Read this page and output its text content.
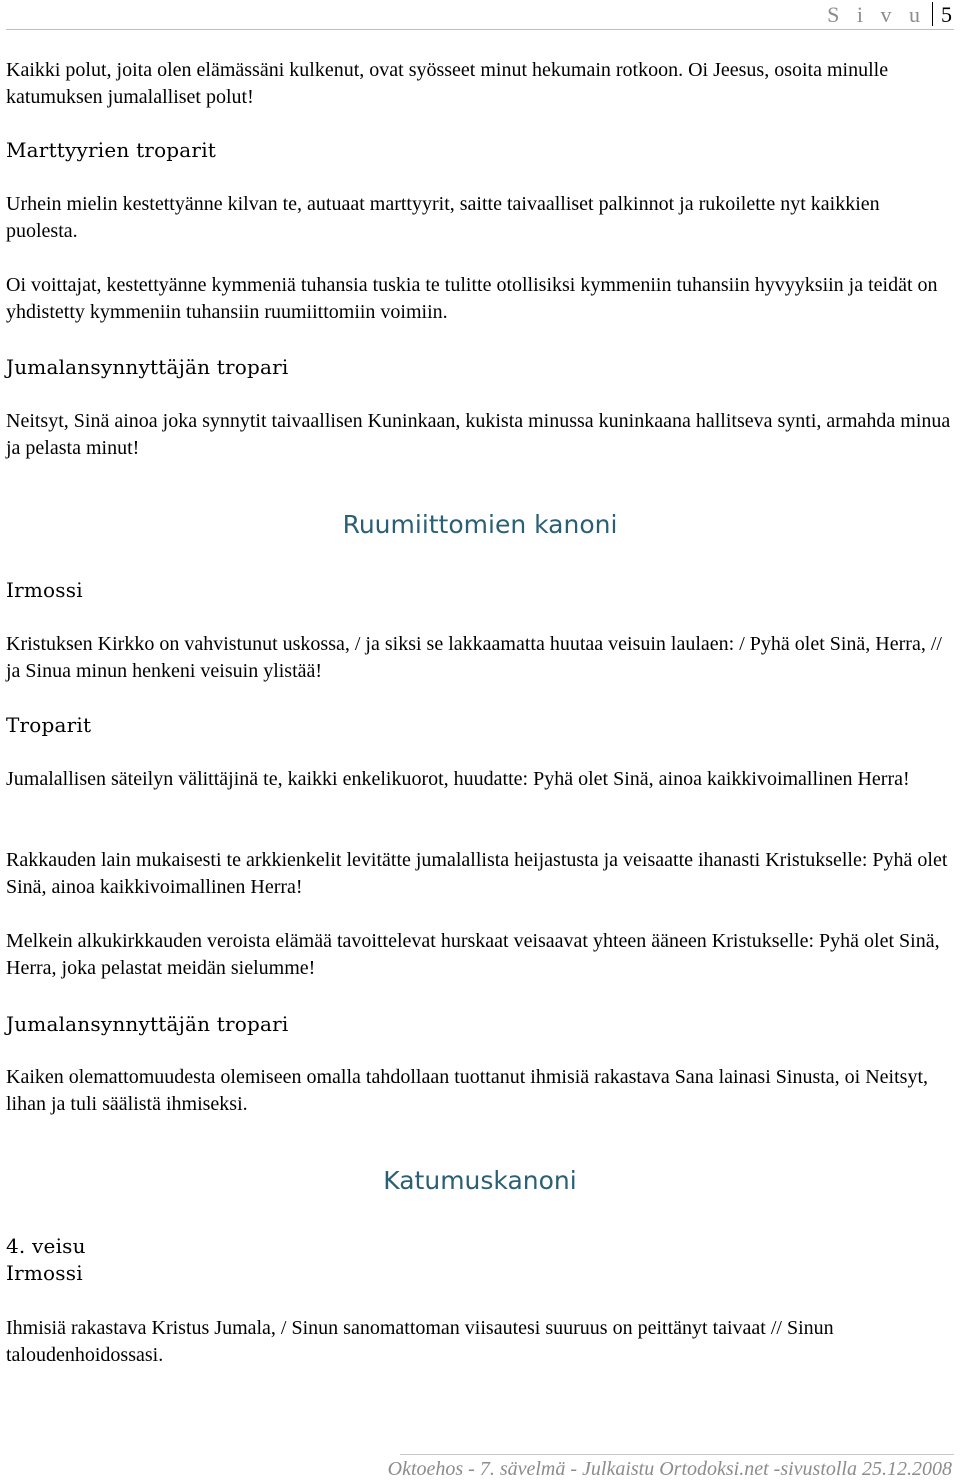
S i v u 5

Kaikki polut, joita olen elämässäni kulkenut, ovat syösseet minut hekumain rotkoon. Oi Jeesus, osoita minulle katumuksen jumalalliset polut!

Marttyyrien troparit

Urhein mielin kestettyänne kilvan te, autuaat marttyyrit, saitte taivaalliset palkinnot ja rukoilette nyt kaikkien puolesta.

Oi voittajat, kestettyänne kymmeniä tuhansia tuskia te tulitte otollisiksi kymmeniin tuhansiin hyvyyksiin ja teidät on yhdistetty kymmeniin tuhansiin ruumiittomiin voimiin.

Jumalansynnyttäjän tropari

Neitsyt, Sinä ainoa joka synnytit taivaallisen Kuninkaan, kukista minussa kuninkaana hallitseva synti, armahda minua ja pelasta minut!

Ruumiittomien kanoni

Irmossi

Kristuksen Kirkko on vahvistunut uskossa, / ja siksi se lakkaamatta huutaa veisuin laulaen: / Pyhä olet Sinä, Herra, // ja Sinua minun henkeni veisuin ylistää!

Troparit

Jumalallisen säteilyn välittäjinä te, kaikki enkelikuorot, huudatte: Pyhä olet Sinä, ainoa kaikkivoimallinen Herra!

Rakkauden lain mukaisesti te arkkienkelit levitätte jumalallista heijastusta ja veisaatte ihanasti Kristukselle: Pyhä olet Sinä, ainoa kaikkivoimallinen Herra!

Melkein alkukirkkauden veroista elämää tavoittelevat hurskaat veisaavat yhteen ääneen Kristukselle: Pyhä olet Sinä, Herra, joka pelastat meidän sielumme!

Jumalansynnyttäjän tropari

Kaiken olemattomuudesta olemiseen omalla tahdollaan tuottanut ihmisiä rakastava Sana lainasi Sinusta, oi Neitsyt, lihan ja tuli säälistä ihmiseksi.

Katumuskanoni

4. veisu

Irmossi

Ihmisiä rakastava Kristus Jumala, / Sinun sanomattoman viisautesi suuruus on peittänyt taivaat // Sinun taloudenhoidossasi.

Oktoehos - 7. sävelmä - Julkaistu Ortodoksi.net -sivustolla 25.12.2008
